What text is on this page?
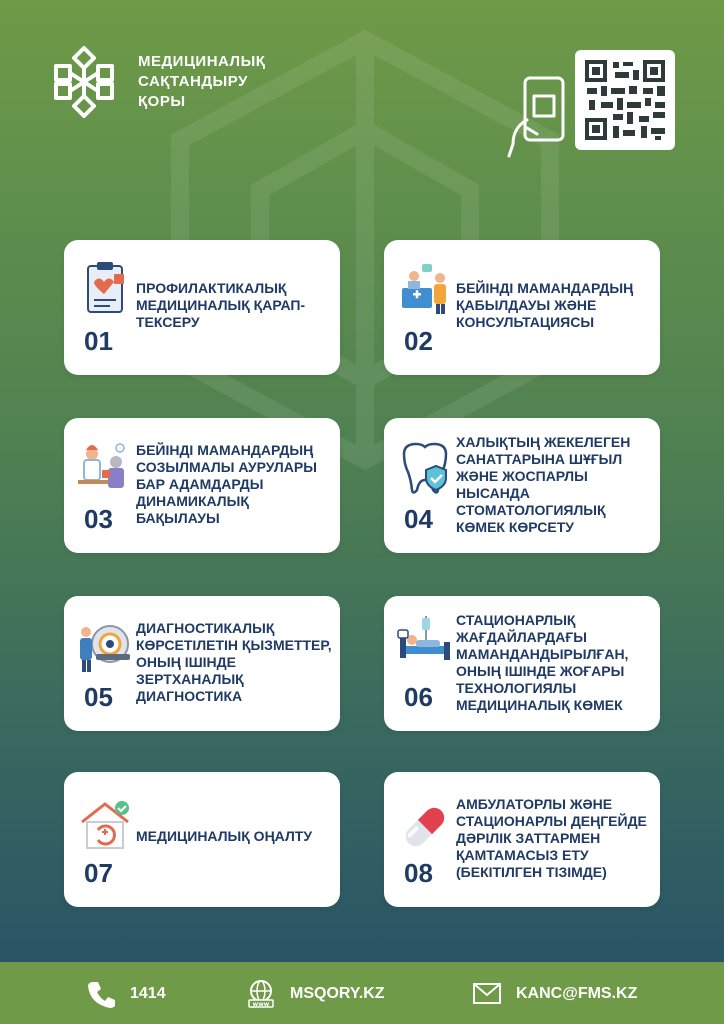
МЕДИЦИНАЛЫҚ
САҚТАНДЫРУ
ҚОРЫ
ПРОФИЛАКТИКАЛЫҚ МЕДИЦИНАЛЫҚ ҚАРАП-ТЕКСЕРУ
01
БЕЙІНДІ МАМАНДАРДЫҢ ҚАБЫЛДАУЫ ЖӘНЕ КОНСУЛЬТАЦИЯСЫ
02
БЕЙІНДІ МАМАНДАРДЫҢ СОЗЫЛМАЛЫ АУРУЛАРЫ БАР АДАМДАРДЫ ДИНАМИКАЛЫҚ БАҚЫЛАУЫ
03
ХАЛЫҚТЫҢ ЖЕКЕЛЕГЕН САНАТТАРЫНА ШҰҒЫЛ ЖӘНЕ ЖОСПАРЛЫ НЫСАНДА СТОМАТОЛОГИЯЛЫҚ КӨМЕК КӨРСЕТУ
04
ДИАГНОСТИКАЛЫҚ КӨРСЕТІЛЕТІН ҚЫЗМЕТТЕР, ОНЫҢ ІШІНДЕ ЗЕРТХАНАЛЫҚ ДИАГНОСТИКА
05
СТАЦИОНАРЛЫҚ ЖАҒДАЙЛАРДАҒЫ МАМАНДАНДЫРЫЛҒАН, ОНЫҢ ІШІНДЕ ЖОҒАРЫ ТЕХНОЛОГИЯЛЫ МЕДИЦИНАЛЫҚ КӨМЕК
06
МЕДИЦИНАЛЫҚ ОҢАЛТУ
07
АМБУЛАТОРЛЫ ЖӘНЕ СТАЦИОНАРЛЫ ДЕҢГЕЙДЕ ДӘРІЛІК ЗАТТАРМЕН ҚАМТАМАСЫЗ ЕТУ (БЕКІТІЛГЕН ТІЗІМДЕ)
08
1414
www
MSQORY.KZ	KANC@FMS.KZ
